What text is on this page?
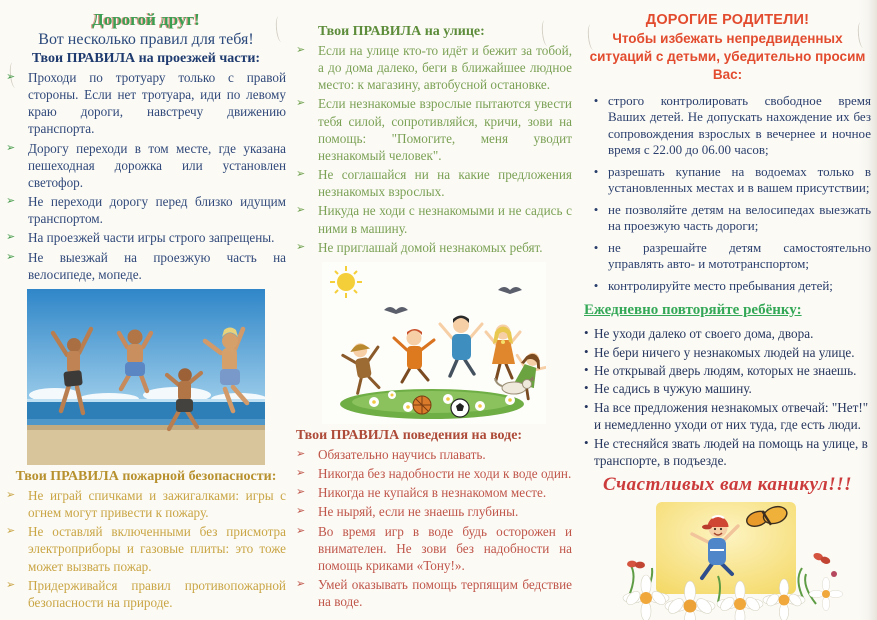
Дорогой друг!
Вот несколько правил для тебя!
Твои ПРАВИЛА на проезжей части:
➢ Проходи по тротуару только с правой стороны. Если нет тротуара, иди по левому краю дороги, навстречу движению транспорта.
➢ Дорогу переходи в том месте, где указана пешеходная дорожка или установлен светофор.
➢ Не переходи дорогу перед близко идущим транспортом.
➢ На проезжей части игры строго запрещены.
➢ Не выезжай на проезжую часть на велосипеде, мопеде.
Твои ПРАВИЛА пожарной безопасности:
➢ Не играй спичками и зажигалками: игры с огнем могут привести к пожару.
➢ Не оставляй включенными без присмотра электроприборы и газовые плиты: это тоже может вызвать пожар.
➢ Придерживайся правил противопожарной безопасности на природе.
Твои ПРАВИЛА на улице:
➢ Если на улице кто-то идёт и бежит за тобой, а до дома далеко, беги в ближайшее людное место: к магазину, автобусной остановке.
➢ Если незнакомые взрослые пытаются увести тебя силой, сопротивляйся, кричи, зови на помощь: "Помогите, меня уводит незнакомый человек".
➢ Не соглашайся ни на какие предложения незнакомых взрослых.
➢ Никуда не ходи с незнакомыми и не садись с ними в машину.
➢ Не приглашай домой незнакомых ребят.
Твои ПРАВИЛА поведения на воде:
➢ Обязательно научись плавать.
➢ Никогда без надобности не ходи к воде один.
➢ Никогда не купайся в незнакомом месте.
➢ Не ныряй, если не знаешь глубины.
➢ Во время игр в воде будь осторожен и внимателен. Не зови без надобности на помощь криками «Тону!».
➢ Умей оказывать помощь терпящим бедствие на воде.
ДОРОГИЕ РОДИТЕЛИ!
Чтобы избежать непредвиденных ситуаций с детьми, убедительно просим Вас:
• строго контролировать свободное время Ваших детей. Не допускать нахождение их без сопровождения взрослых в вечернее и ночное время с 22.00 до 06.00 часов;
• разрешать купание на водоемах только в установленных местах и в вашем присутствии;
• не позволяйте детям на велосипедах выезжать на проезжую часть дороги;
• не разрешайте детям самостоятельно управлять авто- и мототранспортом;
• контролируйте место пребывания детей;
Ежедневно повторяйте ребёнку:
• Не уходи далеко от своего дома, двора.
• Не бери ничего у незнакомых людей на улице.
• Не открывай дверь людям, которых не знаешь.
• Не садись в чужую машину.
• На все предложения незнакомых отвечай: "Нет!" и немедленно уходи от них туда, где есть люди.
• Не стесняйся звать людей на помощь на улице, в транспорте, в подъезде.
Счастливых вам каникул!!!
